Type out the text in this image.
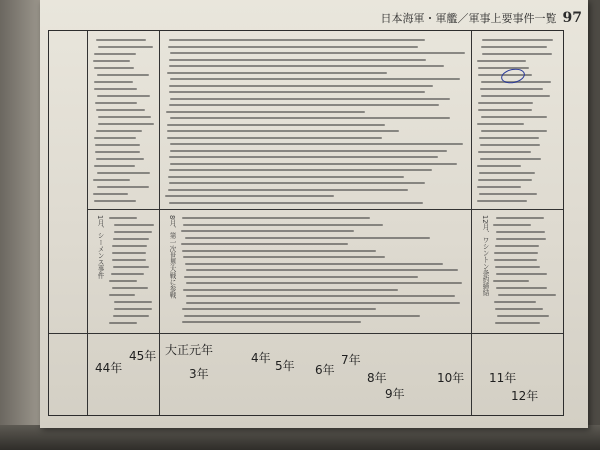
日本海軍・軍艦／軍事上要事件一覧 97
44年
45年 大正元年
3年
4年
5年 6年
7年
8年
9年
10年 11年
12年
1月、シーメンス事件	8月、第一次世界大戦に参戦	12月、ワシントン条約締結
